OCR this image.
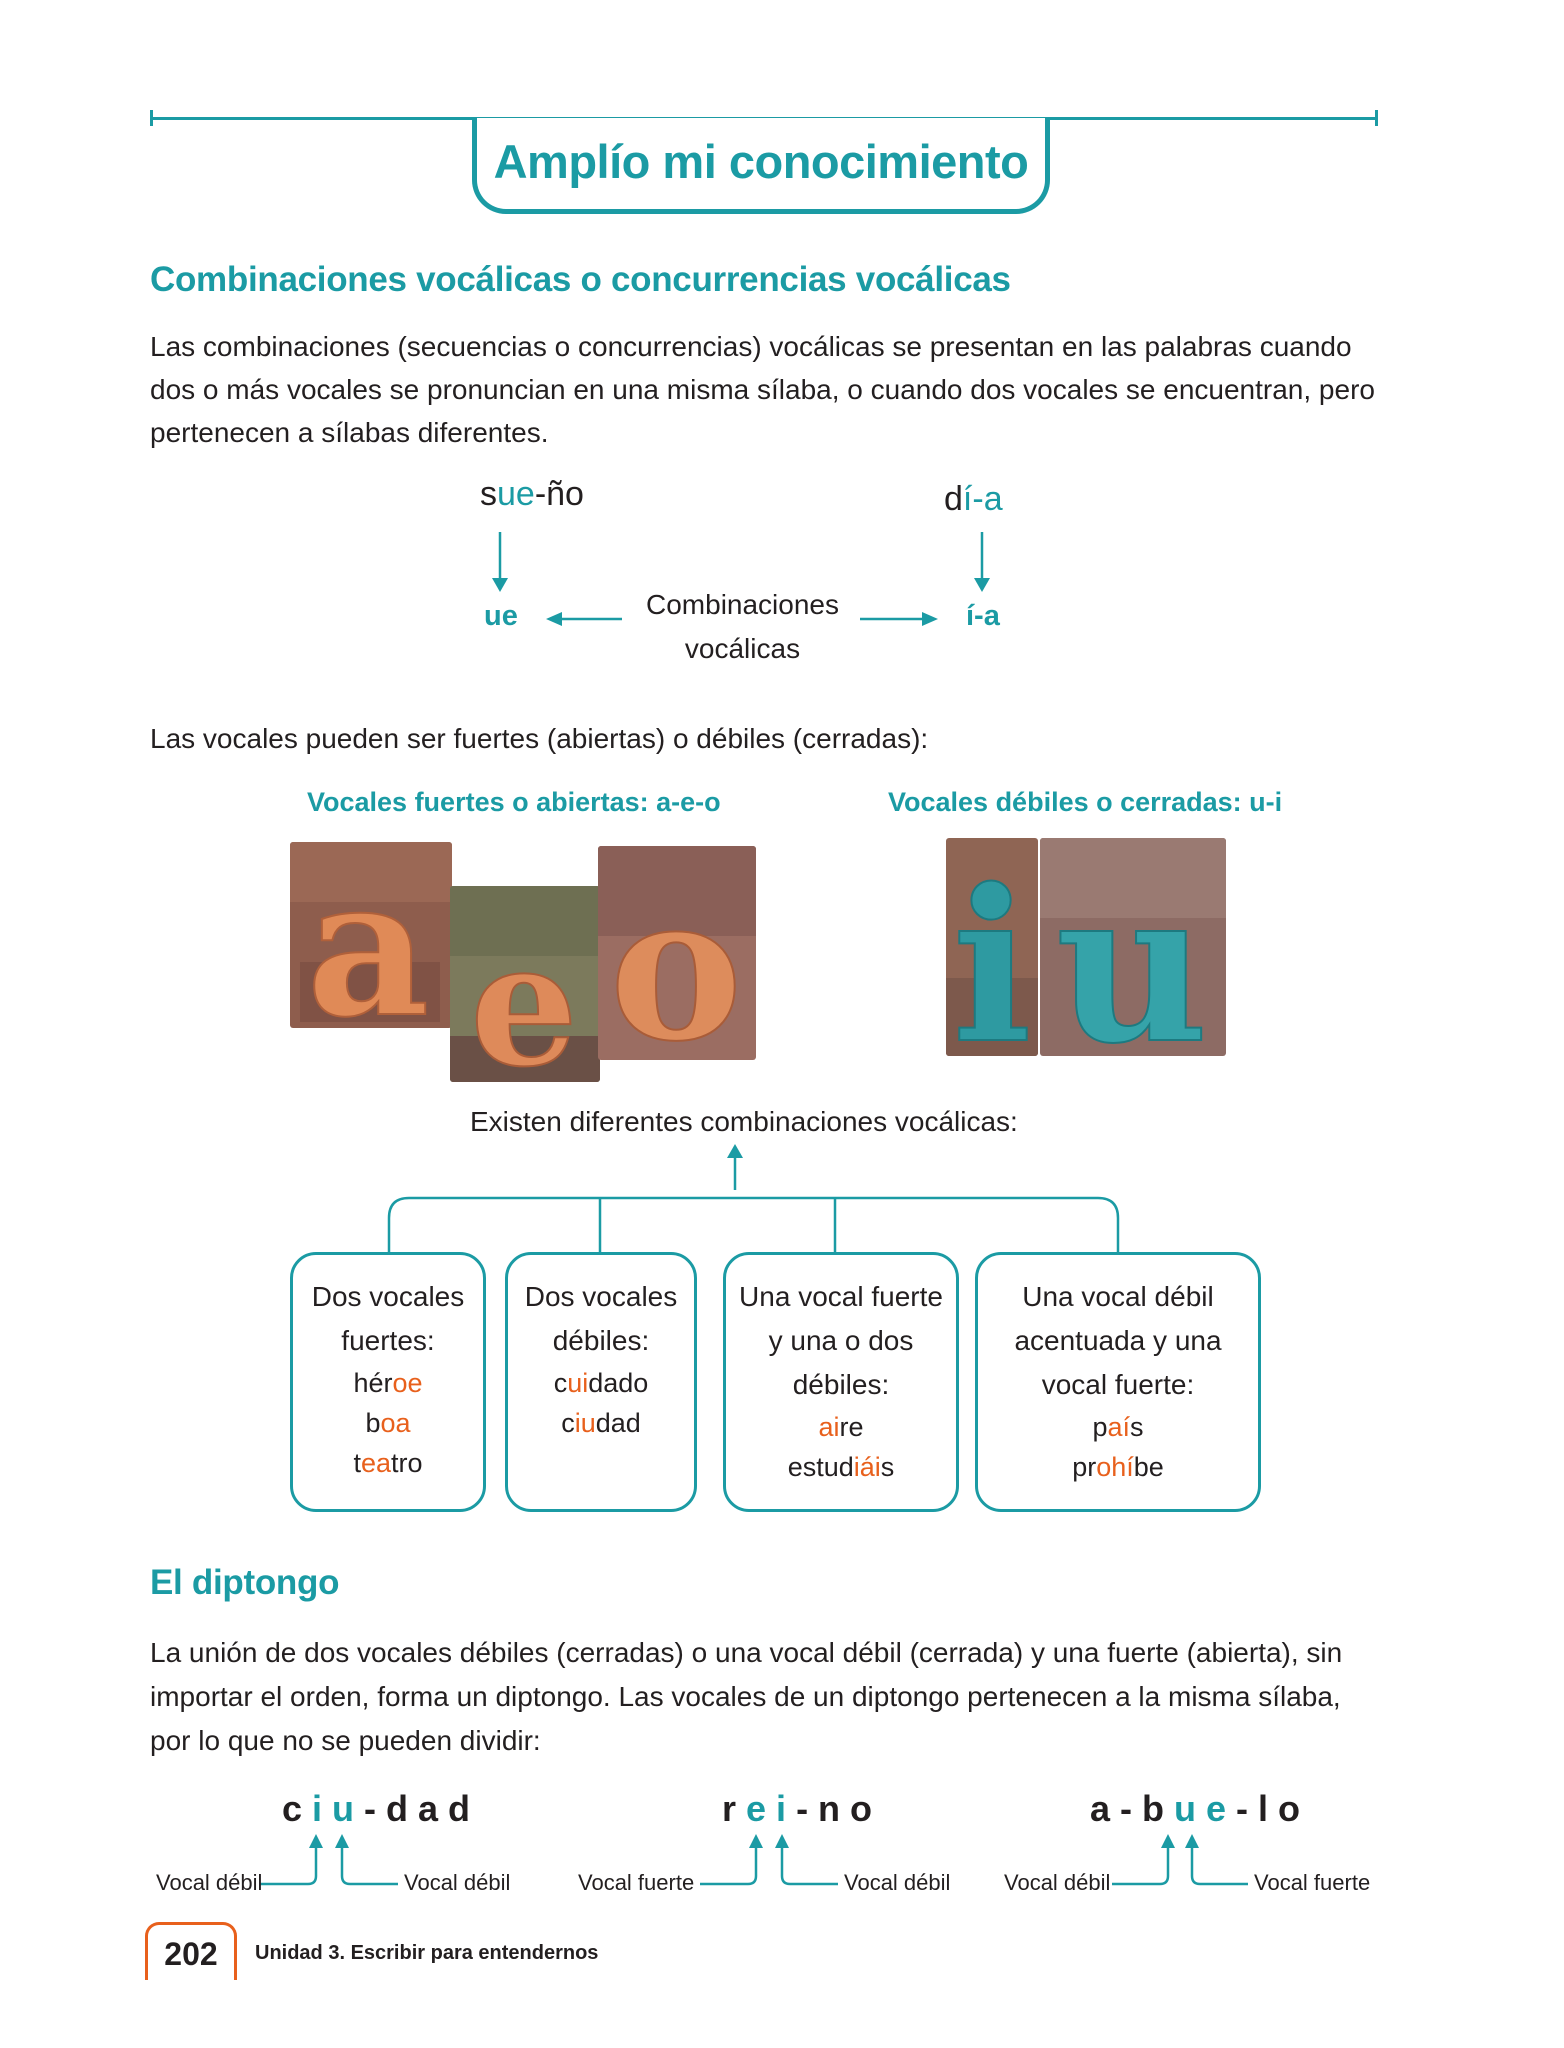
Amplío mi conocimiento
Combinaciones vocálicas o concurrencias vocálicas
Las combinaciones (secuencias o concurrencias) vocálicas se presentan en las palabras cuando dos o más vocales se pronuncian en una misma sílaba, o cuando dos vocales se encuentran, pero pertenecen a sílabas diferentes.
sue-ño	dí-a
ue	í-a
Combinaciones
vocálicas
Las vocales pueden ser fuertes (abiertas) o débiles (cerradas):
Vocales fuertes o abiertas: a-e-o	Vocales débiles o cerradas: u-i
a e o i u
Existen diferentes combinaciones vocálicas:
Dos vocales
fuertes:
héroe
boa
teatro
Dos vocales
débiles:
cuidado
ciudad
Una vocal fuerte
y una o dos
débiles:
aire
estudiáis
Una vocal débil
acentuada y una
vocal fuerte:
país
prohíbe
El diptongo
La unión de dos vocales débiles (cerradas) o una vocal débil (cerrada) y una fuerte (abierta), sin importar el orden, forma un diptongo. Las vocales de un diptongo pertenecen a la misma sílaba, por lo que no se pueden dividir:
ciu-dad	rei-no	a-bue-lo
Vocal débil	Vocal débil	Vocal fuerte	Vocal débil Vocal débil	Vocal fuerte
202	Unidad 3. Escribir para entendernos
